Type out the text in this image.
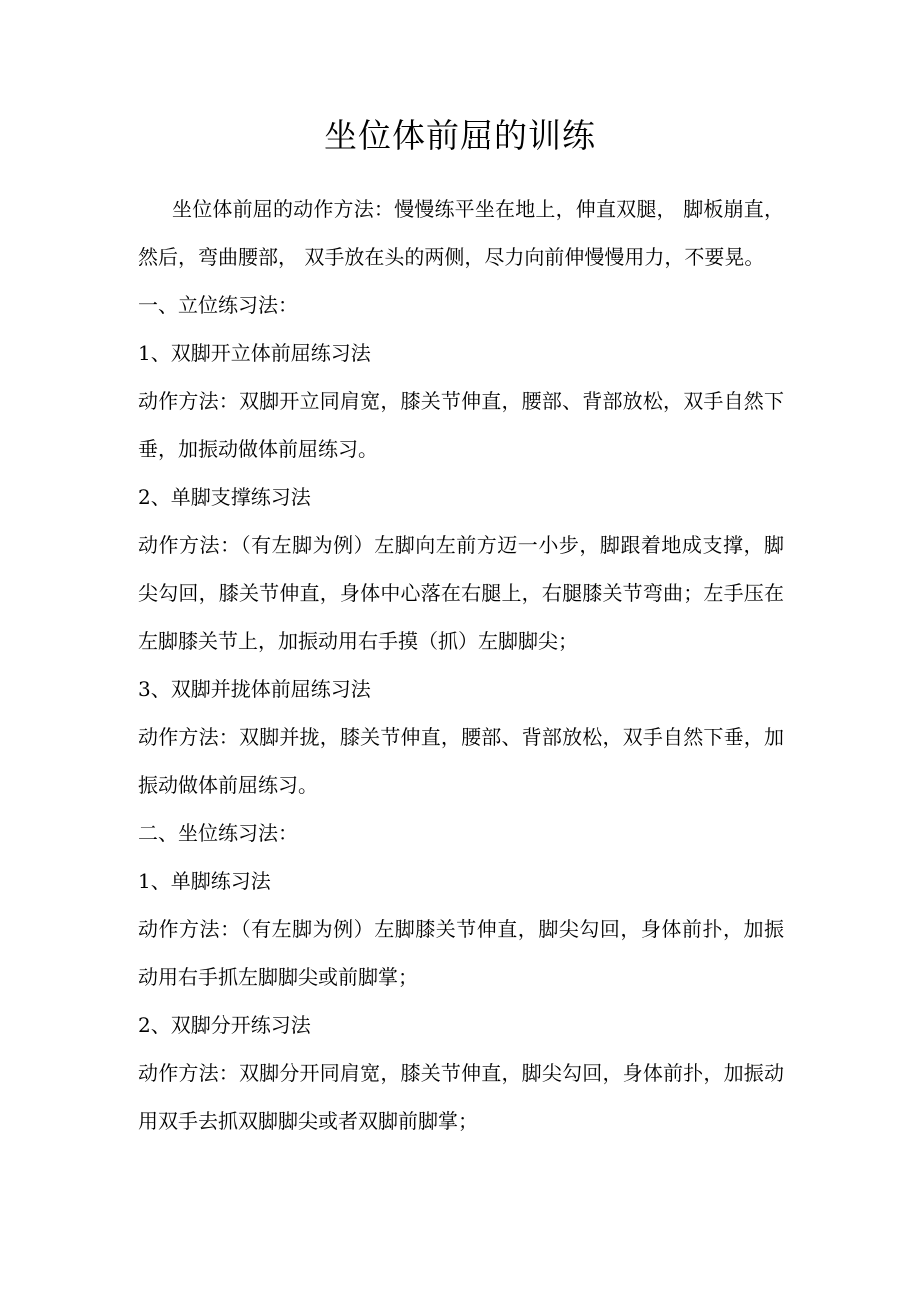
坐位体前屈的训练

坐位体前屈的动作方法：慢慢练平坐在地上，伸直双腿， 脚板崩直， 然后，弯曲腰部， 双手放在头的两侧，尽力向前伸慢慢用力，不要晃。

一、立位练习法：

1、双脚开立体前屈练习法

动作方法：双脚开立同肩宽，膝关节伸直，腰部、背部放松，双手自然下垂，加振动做体前屈练习。

2、单脚支撑练习法

动作方法：（有左脚为例）左脚向左前方迈一小步，脚跟着地成支撑，脚尖勾回，膝关节伸直，身体中心落在右腿上，右腿膝关节弯曲；左手压在左脚膝关节上，加振动用右手摸（抓）左脚脚尖；

3、双脚并拢体前屈练习法

动作方法：双脚并拢，膝关节伸直，腰部、背部放松，双手自然下垂，加振动做体前屈练习。

二、坐位练习法：

1、单脚练习法

动作方法：（有左脚为例）左脚膝关节伸直，脚尖勾回，身体前扑，加振动用右手抓左脚脚尖或前脚掌；

2、双脚分开练习法

动作方法：双脚分开同肩宽，膝关节伸直，脚尖勾回，身体前扑，加振动用双手去抓双脚脚尖或者双脚前脚掌；
